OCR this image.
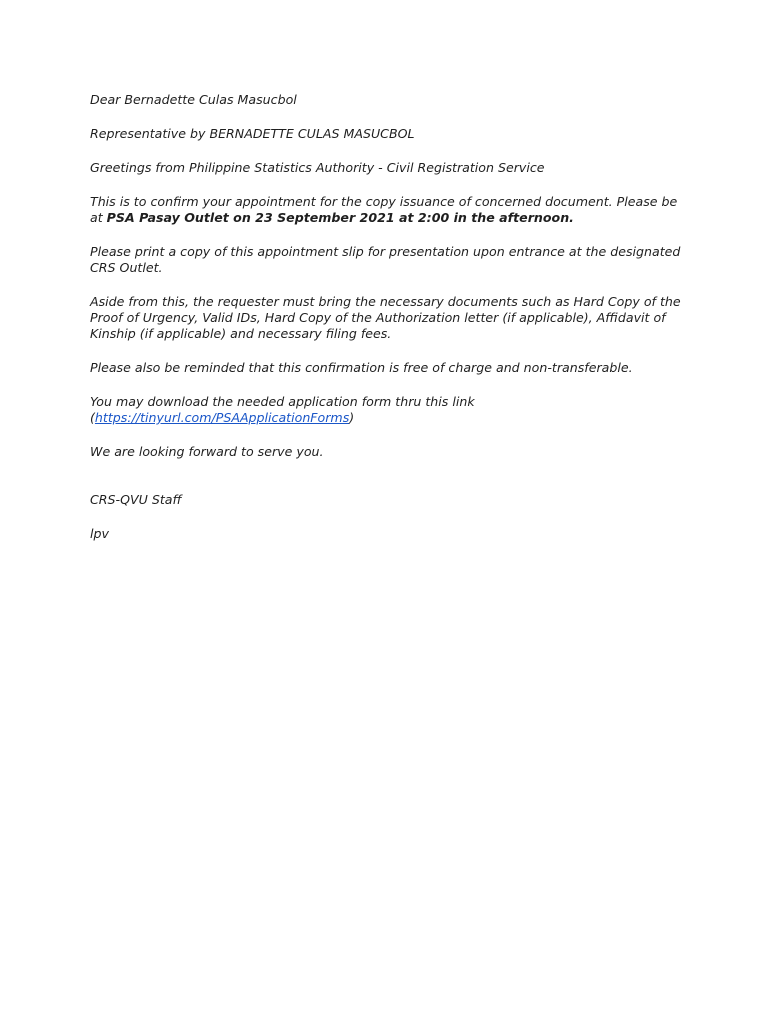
Dear Bernadette Culas Masucbol

Representative by BERNADETTE CULAS MASUCBOL

Greetings from Philippine Statistics Authority - Civil Registration Service

This is to confirm your appointment for the copy issuance of concerned document. Please be at PSA Pasay Outlet on 23 September 2021 at 2:00 in the afternoon.

Please print a copy of this appointment slip for presentation upon entrance at the designated CRS Outlet.

Aside from this, the requester must bring the necessary documents such as Hard Copy of the Proof of Urgency, Valid IDs, Hard Copy of the Authorization letter (if applicable), Affidavit of Kinship (if applicable) and necessary filing fees.

Please also be reminded that this confirmation is free of charge and non-transferable.

You may download the needed application form thru this link
(https://tinyurl.com/PSAApplicationForms)

We are looking forward to serve you.

CRS-QVU Staff

lpv
